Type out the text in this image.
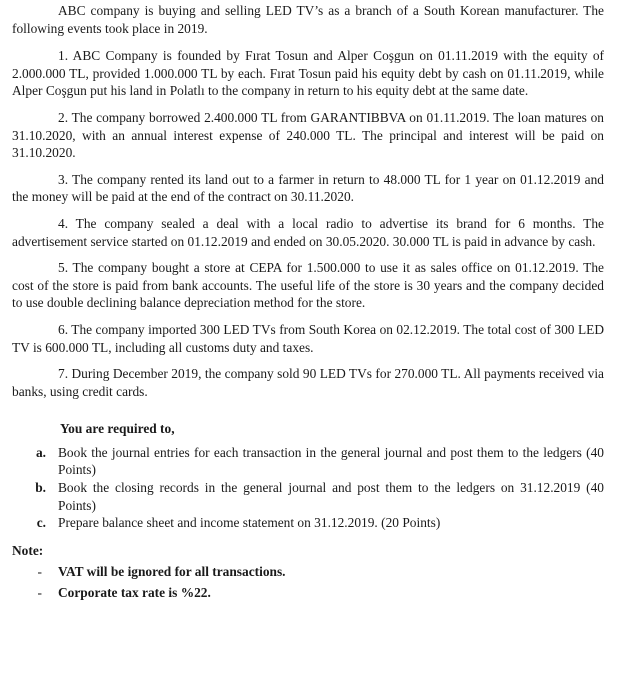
ABC company is buying and selling LED TV’s as a branch of a South Korean manufacturer. The following events took place in 2019.

1. ABC Company is founded by Fırat Tosun and Alper Coşgun on 01.11.2019 with the equity of 2.000.000 TL, provided 1.000.000 TL by each. Fırat Tosun paid his equity debt by cash on 01.11.2019, while Alper Coşgun put his land in Polatlı to the company in return to his equity debt at the same date.

2. The company borrowed 2.400.000 TL from GARANTIBBVA on 01.11.2019. The loan matures on 31.10.2020, with an annual interest expense of 240.000 TL. The principal and interest will be paid on 31.10.2020.

3. The company rented its land out to a farmer in return to 48.000 TL for 1 year on 01.12.2019 and the money will be paid at the end of the contract on 30.11.2020.

4. The company sealed a deal with a local radio to advertise its brand for 6 months. The advertisement service started on 01.12.2019 and ended on 30.05.2020. 30.000 TL is paid in advance by cash.

5. The company bought a store at CEPA for 1.500.000 to use it as sales office on 01.12.2019. The cost of the store is paid from bank accounts. The useful life of the store is 30 years and the company decided to use double declining balance depreciation method for the store.

6. The company imported 300 LED TVs from South Korea on 02.12.2019. The total cost of 300 LED TV is 600.000 TL, including all customs duty and taxes.

7. During December 2019, the company sold 90 LED TVs for 270.000 TL. All payments received via banks, using credit cards.

You are required to,

a. Book the journal entries for each transaction in the general journal and post them to the ledgers (40 Points)
b. Book the closing records in the general journal and post them to the ledgers on 31.12.2019 (40 Points)
c. Prepare balance sheet and income statement on 31.12.2019. (20 Points)

Note:

-	VAT will be ignored for all transactions.
-	Corporate tax rate is %22.
